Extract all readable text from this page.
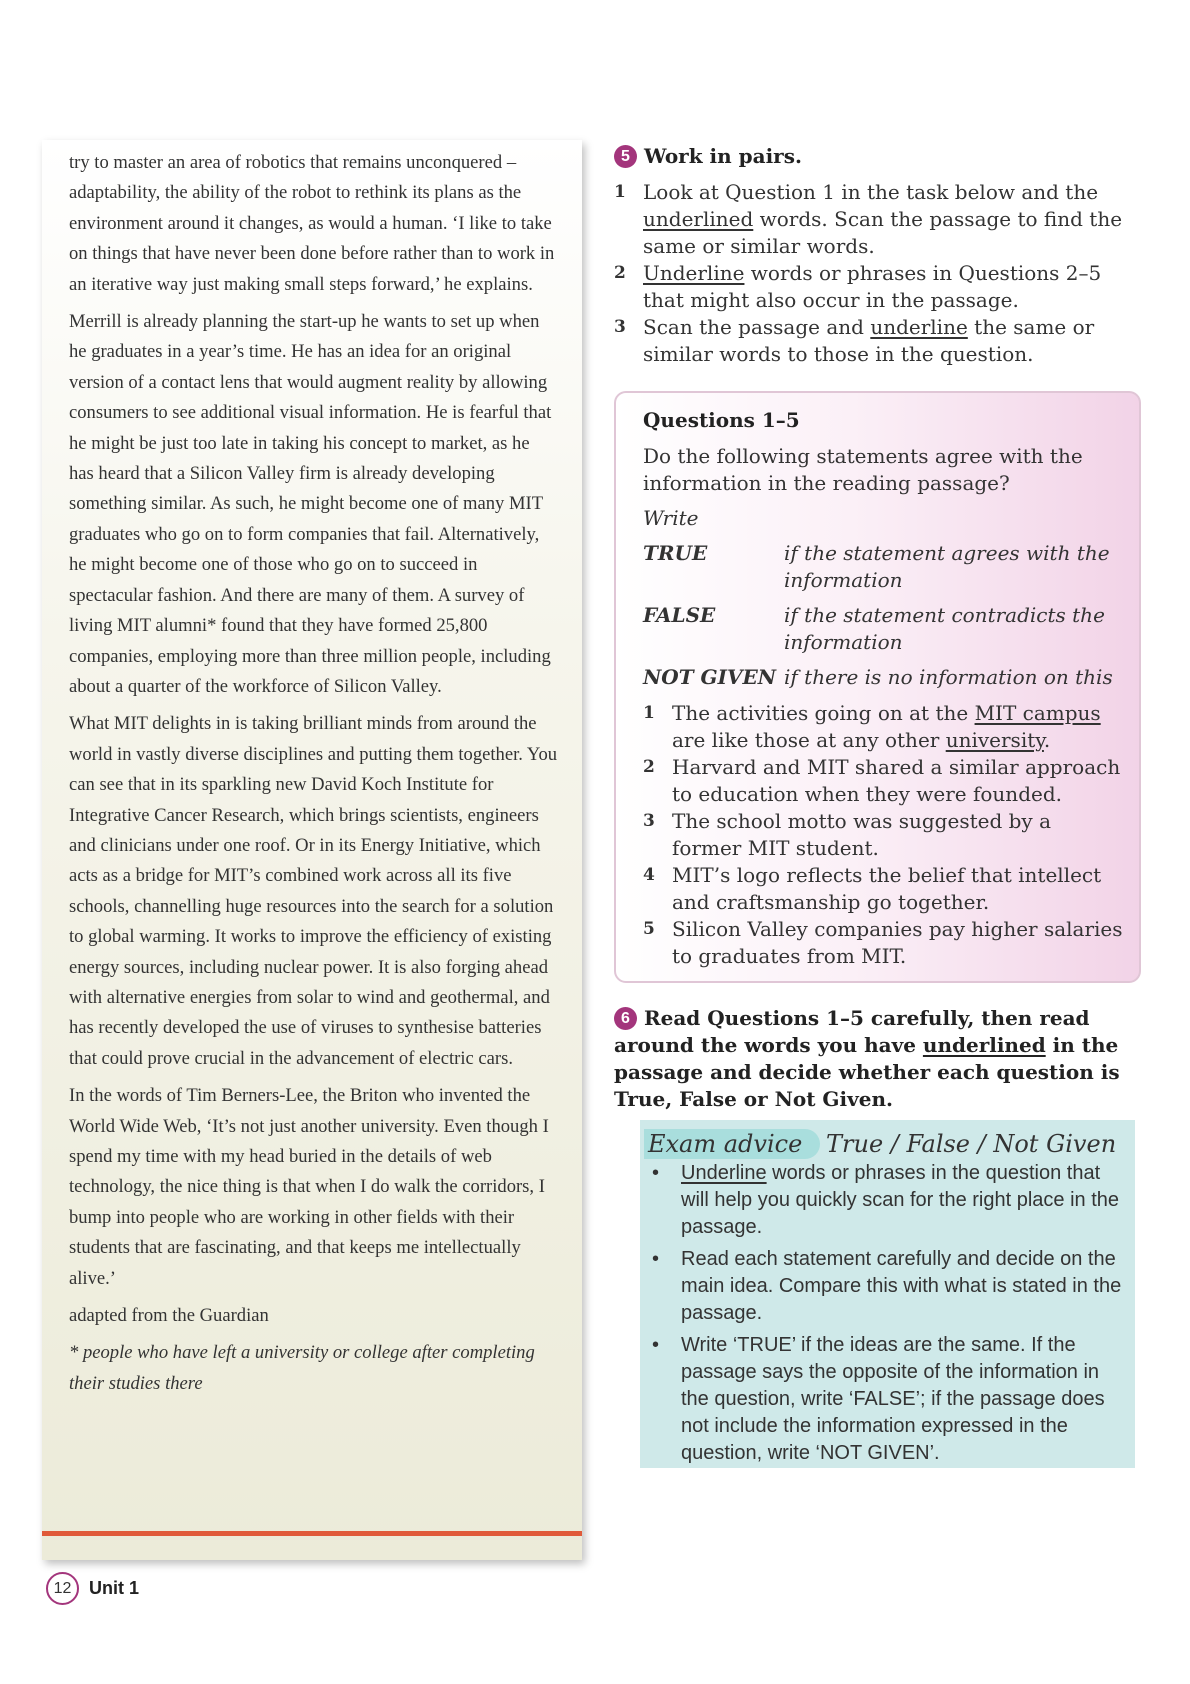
try to master an area of robotics that remains unconquered – adaptability, the ability of the robot to rethink its plans as the environment around it changes, as would a human. ‘I like to take on things that have never been done before rather than to work in an iterative way just making small steps forward,’ he explains.

Merrill is already planning the start-up he wants to set up when he graduates in a year’s time. He has an idea for an original version of a contact lens that would augment reality by allowing consumers to see additional visual information. He is fearful that he might be just too late in taking his concept to market, as he has heard that a Silicon Valley firm is already developing something similar. As such, he might become one of many MIT graduates who go on to form companies that fail. Alternatively, he might become one of those who go on to succeed in spectacular fashion. And there are many of them. A survey of living MIT alumni* found that they have formed 25,800 companies, employing more than three million people, including about a quarter of the workforce of Silicon Valley.

What MIT delights in is taking brilliant minds from around the world in vastly diverse disciplines and putting them together. You can see that in its sparkling new David Koch Institute for Integrative Cancer Research, which brings scientists, engineers and clinicians under one roof. Or in its Energy Initiative, which acts as a bridge for MIT’s combined work across all its five schools, channelling huge resources into the search for a solution to global warming. It works to improve the efficiency of existing energy sources, including nuclear power. It is also forging ahead with alternative energies from solar to wind and geothermal, and has recently developed the use of viruses to synthesise batteries that could prove crucial in the advancement of electric cars.

In the words of Tim Berners-Lee, the Briton who invented the World Wide Web, ‘It’s not just another university. Even though I spend my time with my head buried in the details of web technology, the nice thing is that when I do walk the corridors, I bump into people who are working in other fields with their students that are fascinating, and that keeps me intellectually alive.’

adapted from the Guardian

* people who have left a university or college after completing their studies there

12 Unit 1
5 Work in pairs.
1 Look at Question 1 in the task below and the underlined words. Scan the passage to find the same or similar words.
2 Underline words or phrases in Questions 2–5 that might also occur in the passage.
3 Scan the passage and underline the same or similar words to those in the question.
Questions 1–5
Do the following statements agree with the information in the reading passage?
Write
TRUE	if the statement agrees with the information
FALSE	if the statement contradicts the information
NOT GIVEN if there is no information on this
1 The activities going on at the MIT campus are like those at any other university.
2 Harvard and MIT shared a similar approach to education when they were founded.
3 The school motto was suggested by a former MIT student.
4 MIT’s logo reflects the belief that intellect and craftsmanship go together.
5 Silicon Valley companies pay higher salaries to graduates from MIT.
6 Read Questions 1–5 carefully, then read around the words you have underlined in the passage and decide whether each question is True, False or Not Given.
Exam advice True / False / Not Given
• Underline words or phrases in the question that will help you quickly scan for the right place in the passage.
• Read each statement carefully and decide on the main idea. Compare this with what is stated in the passage.
• Write ‘TRUE’ if the ideas are the same. If the passage says the opposite of the information in the question, write ‘FALSE’; if the passage does not include the information expressed in the question, write ‘NOT GIVEN’.
